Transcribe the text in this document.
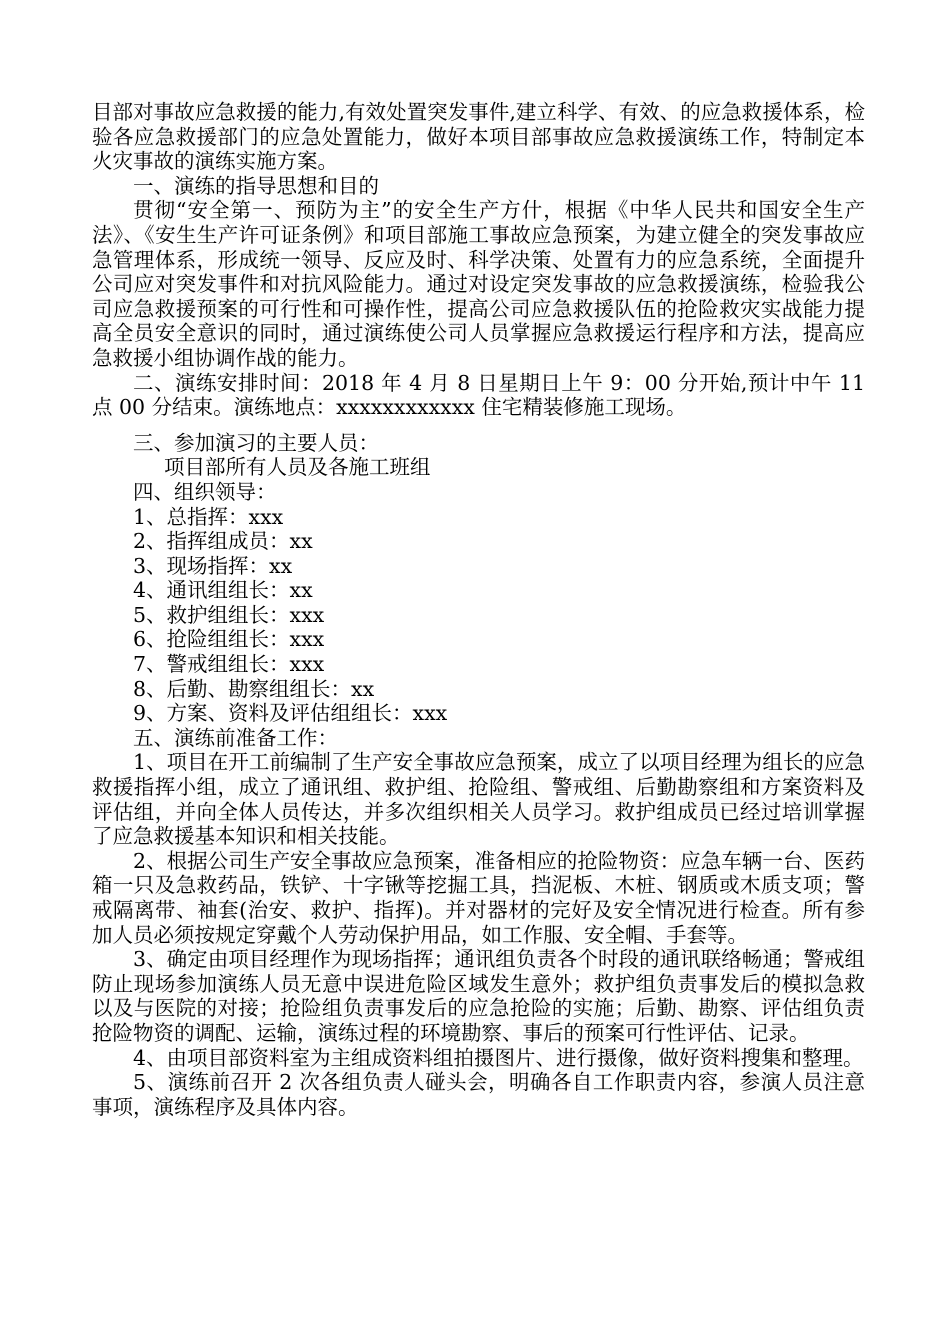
目部对事故应急救援的能力,有效处置突发事件,建立科学、有效、的应急救援体系，检验各应急救援部门的应急处置能力，做好本项目部事故应急救援演练工作，特制定本火灾事故的演练实施方案。

一、演练的指导思想和目的

贯彻“安全第一、预防为主”的安全生产方什，根据《中华人民共和国安全生产法》、《安生生产许可证条例》和项目部施工事故应急预案，为建立健全的突发事故应急管理体系，形成统一领导、反应及时、科学决策、处置有力的应急系统，全面提升公司应对突发事件和对抗风险能力。通过对设定突发事故的应急救援演练，检验我公司应急救援预案的可行性和可操作性，提高公司应急救援队伍的抢险救灾实战能力提高全员安全意识的同时，通过演练使公司人员掌握应急救援运行程序和方法，提高应急救援小组协调作战的能力。

二、演练安排时间：2018 年 4 月 8 日星期日上午 9：00 分开始,预计中午 11 点 00 分结束。演练地点：xxxxxxxxxxxx 住宅精装修施工现场。

三、参加演习的主要人员：

项目部所有人员及各施工班组

四、组织领导：

1、总指挥：xxx

2、指挥组成员：xx

3、现场指挥：xx

4、通讯组组长：xx

5、救护组组长：xxx

6、抢险组组长：xxx

7、警戒组组长：xxx

8、后勤、勘察组组长：xx

9、方案、资料及评估组组长：xxx

五、演练前准备工作：

1、项目在开工前编制了生产安全事故应急预案，成立了以项目经理为组长的应急救援指挥小组，成立了通讯组、救护组、抢险组、警戒组、后勤勘察组和方案资料及评估组，并向全体人员传达，并多次组织相关人员学习。救护组成员已经过培训掌握了应急救援基本知识和相关技能。

2、根据公司生产安全事故应急预案，准备相应的抢险物资：应急车辆一台、医药箱一只及急救药品，铁铲、十字锹等挖掘工具，挡泥板、木桩、钢质或木质支项；警戒隔离带、袖套(治安、救护、指挥)。并对器材的完好及安全情况进行检查。所有参加人员必须按规定穿戴个人劳动保护用品，如工作服、安全帽、手套等。

3、确定由项目经理作为现场指挥；通讯组负责各个时段的通讯联络畅通；警戒组防止现场参加演练人员无意中误进危险区域发生意外；救护组负责事发后的模拟急救以及与医院的对接；抢险组负责事发后的应急抢险的实施；后勤、勘察、评估组负责抢险物资的调配、运输，演练过程的环境勘察、事后的预案可行性评估、记录。

4、由项目部资料室为主组成资料组拍摄图片、进行摄像，做好资料搜集和整理。

5、演练前召开 2 次各组负责人碰头会，明确各自工作职责内容，参演人员注意事项，演练程序及具体内容。
